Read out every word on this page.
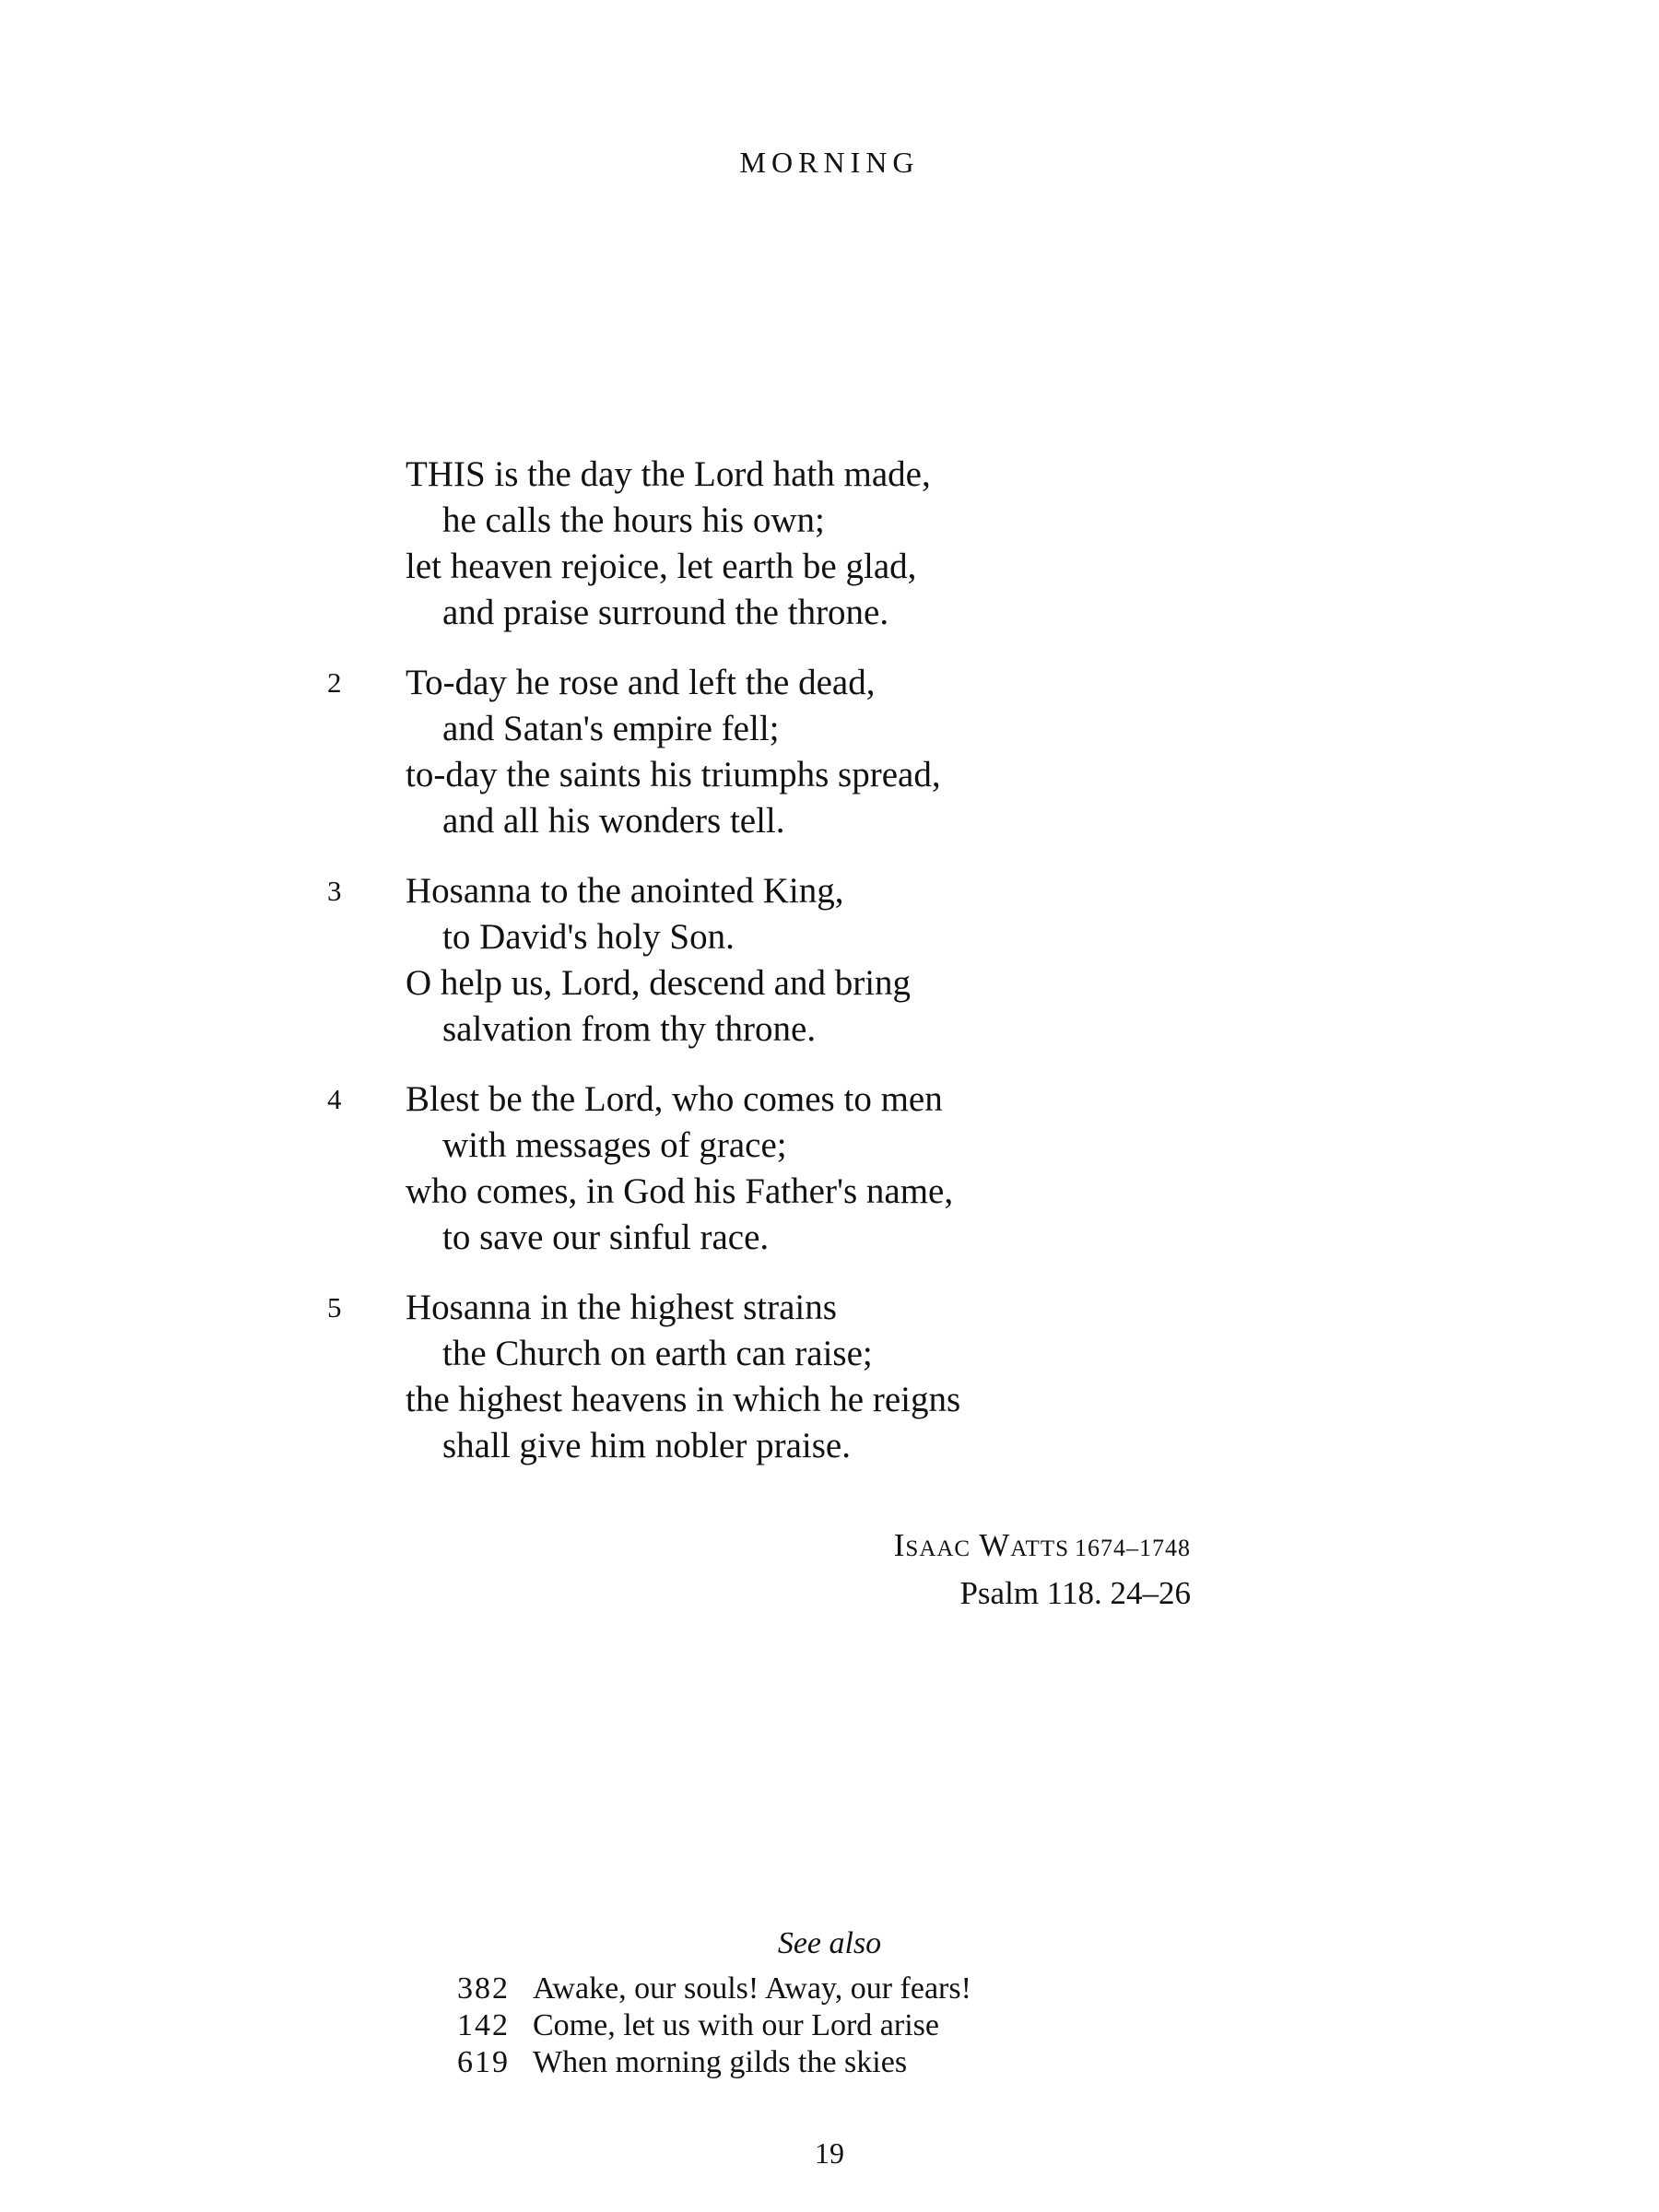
MORNING
THIS is the day the Lord hath made,
he calls the hours his own;
let heaven rejoice, let earth be glad,
and praise surround the throne.
2	To-day he rose and left the dead,
and Satan's empire fell;
to-day the saints his triumphs spread,
and all his wonders tell.
3	Hosanna to the anointed King,
to David's holy Son.
O help us, Lord, descend and bring
salvation from thy throne.
4	Blest be the Lord, who comes to men
with messages of grace;
who comes, in God his Father's name,
to save our sinful race.
5	Hosanna in the highest strains
the Church on earth can raise;
the highest heavens in which he reigns
shall give him nobler praise.
Isaac Watts 1674–1748
Psalm 118. 24–26
See also
382 Awake, our souls! Away, our fears!
142 Come, let us with our Lord arise
619 When morning gilds the skies
19
